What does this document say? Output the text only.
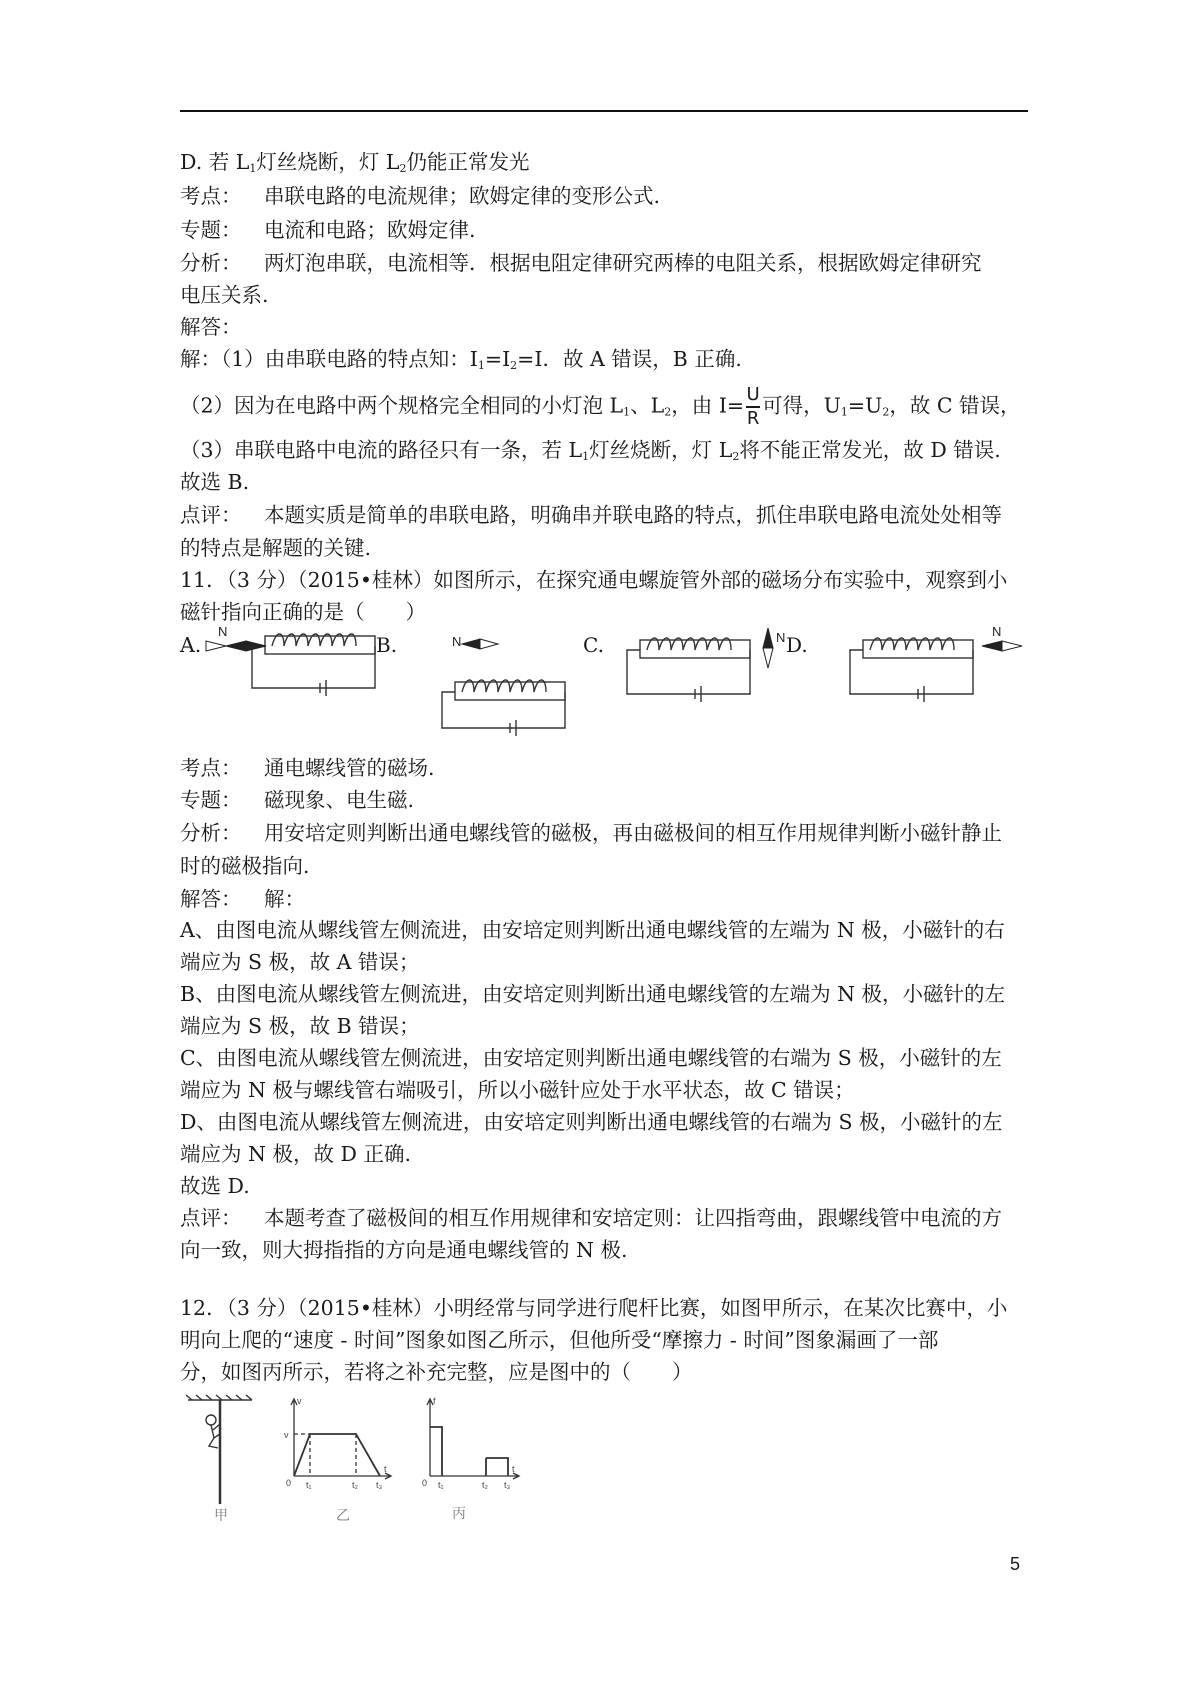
D. 若 $L_1$灯丝烧断，灯 $L_2$仍能正常发光
考点： 串联电路的电流规律；欧姆定律的变形公式.
专题： 电流和电路；欧姆定律.
分析： 两灯泡串联，电流相等．根据电阻定律研究两棒的电阻关系，根据欧姆定律研究
电压关系.
解答：
解：（1）由串联电路的特点知：$I_1=I_2=I$．故 A 错误，B 正确.
（2）因为在电路中两个规格完全相同的小灯泡 $L_1$、$L_2$，由 $I= \frac{U}{R}$ 可得，$U_1=U_2$，故 C 错误，
（3）串联电路中电流的路径只有一条，若 $L_1$灯丝烧断，灯 $L_2$将不能正常发光，故 D 错误.
故选 B.
点评： 本题实质是简单的串联电路，明确串并联电路的特点，抓住串联电路电流处处相等
的特点是解题的关键.
11．（3 分）（2015•桂林）如图所示，在探究通电螺旋管外部的磁场分布实验中，观察到小
磁针指向正确的是（　　）
A.
N
N	N	N
B.	C.	D.
考点： 通电螺线管的磁场.
专题： 磁现象、电生磁.
分析： 用安培定则判断出通电螺线管的磁极，再由磁极间的相互作用规律判断小磁针静止
时的磁极指向.
解答： 解：
A、由图电流从螺线管左侧流进，由安培定则判断出通电螺线管的左端为 N 极，小磁针的右
端应为 S 极，故 A 错误；
B、由图电流从螺线管左侧流进，由安培定则判断出通电螺线管的左端为 N 极，小磁针的左
端应为 S 极，故 B 错误；
C、由图电流从螺线管左侧流进，由安培定则判断出通电螺线管的右端为 S 极，小磁针的左
端应为 N 极与螺线管右端吸引，所以小磁针应处于水平状态，故 C 错误；
D、由图电流从螺线管左侧流进，由安培定则判断出通电螺线管的右端为 S 极，小磁针的左
端应为 N 极，故 D 正确.
故选 D.
点评： 本题考查了磁极间的相互作用规律和安培定则：让四指弯曲，跟螺线管中电流的方
向一致，则大拇指指的方向是通电螺线管的 N 极.
12．（3 分）（2015•桂林）小明经常与同学进行爬杆比赛，如图甲所示，在某次比赛中，小
明向上爬的“速度 - 时间”图象如图乙所示，但他所受“摩擦力 - 时间”图象漏画了一部
分，如图丙所示，若将之补充完整，应是图中的（　　）
v
v
0
t
t₁	t₂ t₃
f
0
t
t₁	t₂ t₃
甲	乙	丙
5
